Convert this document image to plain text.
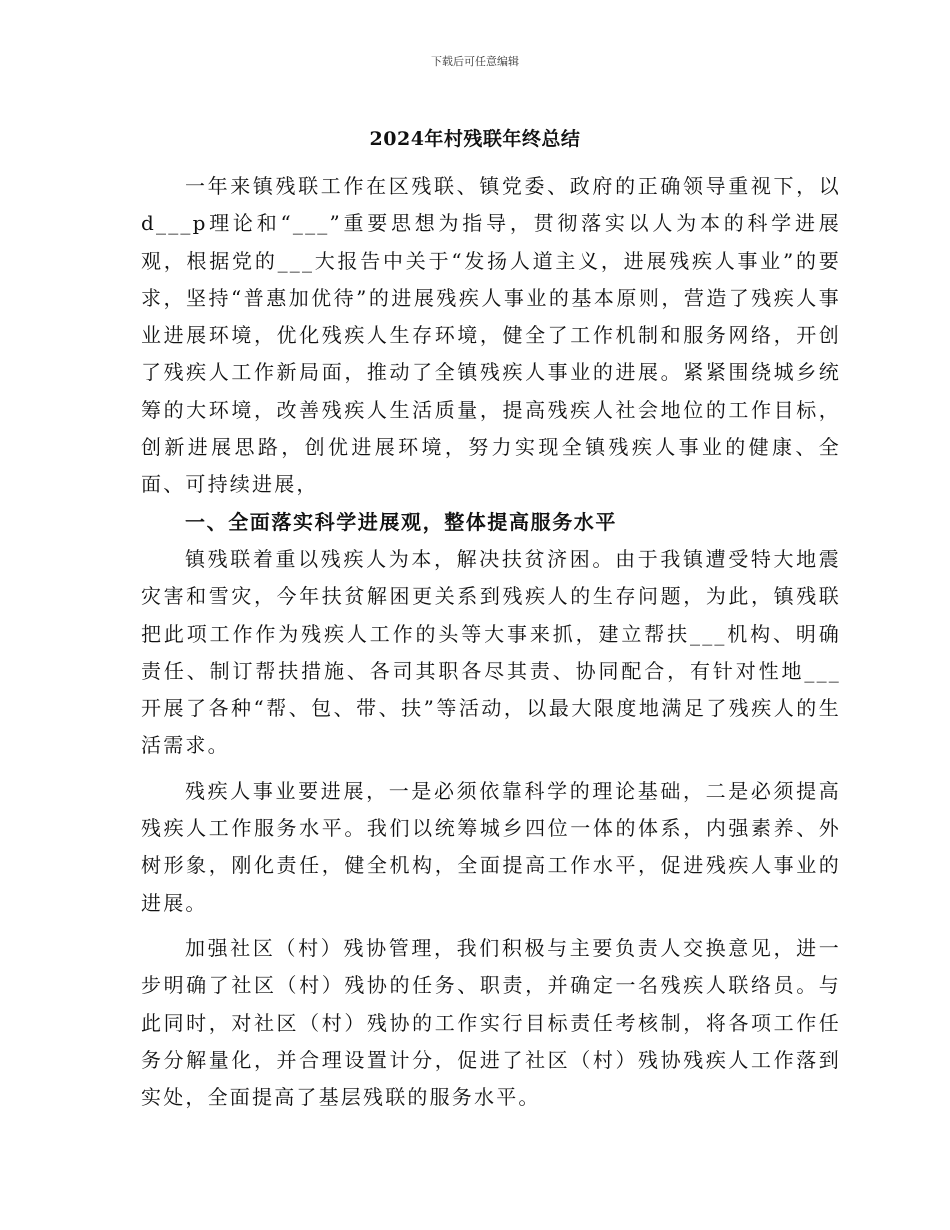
下载后可任意编辑
2024年村残联年终总结

一年来镇残联工作在区残联、镇党委、政府的正确领导重视下，以d___p理论和“___”重要思想为指导，贯彻落实以人为本的科学进展观，根据党的___大报告中关于“发扬人道主义，进展残疾人事业”的要求，坚持“普惠加优待”的进展残疾人事业的基本原则，营造了残疾人事业进展环境，优化残疾人生存环境，健全了工作机制和服务网络，开创了残疾人工作新局面，推动了全镇残疾人事业的进展。紧紧围绕城乡统筹的大环境，改善残疾人生活质量，提高残疾人社会地位的工作目标，创新进展思路，创优进展环境，努力实现全镇残疾人事业的健康、全面、可持续进展，

一、全面落实科学进展观，整体提高服务水平

镇残联着重以残疾人为本，解决扶贫济困。由于我镇遭受特大地震灾害和雪灾，今年扶贫解困更关系到残疾人的生存问题，为此，镇残联把此项工作作为残疾人工作的头等大事来抓，建立帮扶___机构、明确责任、制订帮扶措施、各司其职各尽其责、协同配合，有针对性地___开展了各种“帮、包、带、扶”等活动，以最大限度地满足了残疾人的生活需求。

残疾人事业要进展，一是必须依靠科学的理论基础，二是必须提高残疾人工作服务水平。我们以统筹城乡四位一体的体系，内强素养、外树形象，刚化责任，健全机构，全面提高工作水平，促进残疾人事业的进展。

加强社区（村）残协管理，我们积极与主要负责人交换意见，进一步明确了社区（村）残协的任务、职责，并确定一名残疾人联络员。与此同时，对社区（村）残协的工作实行目标责任考核制，将各项工作任务分解量化，并合理设置计分，促进了社区（村）残协残疾人工作落到实处，全面提高了基层残联的服务水平。
